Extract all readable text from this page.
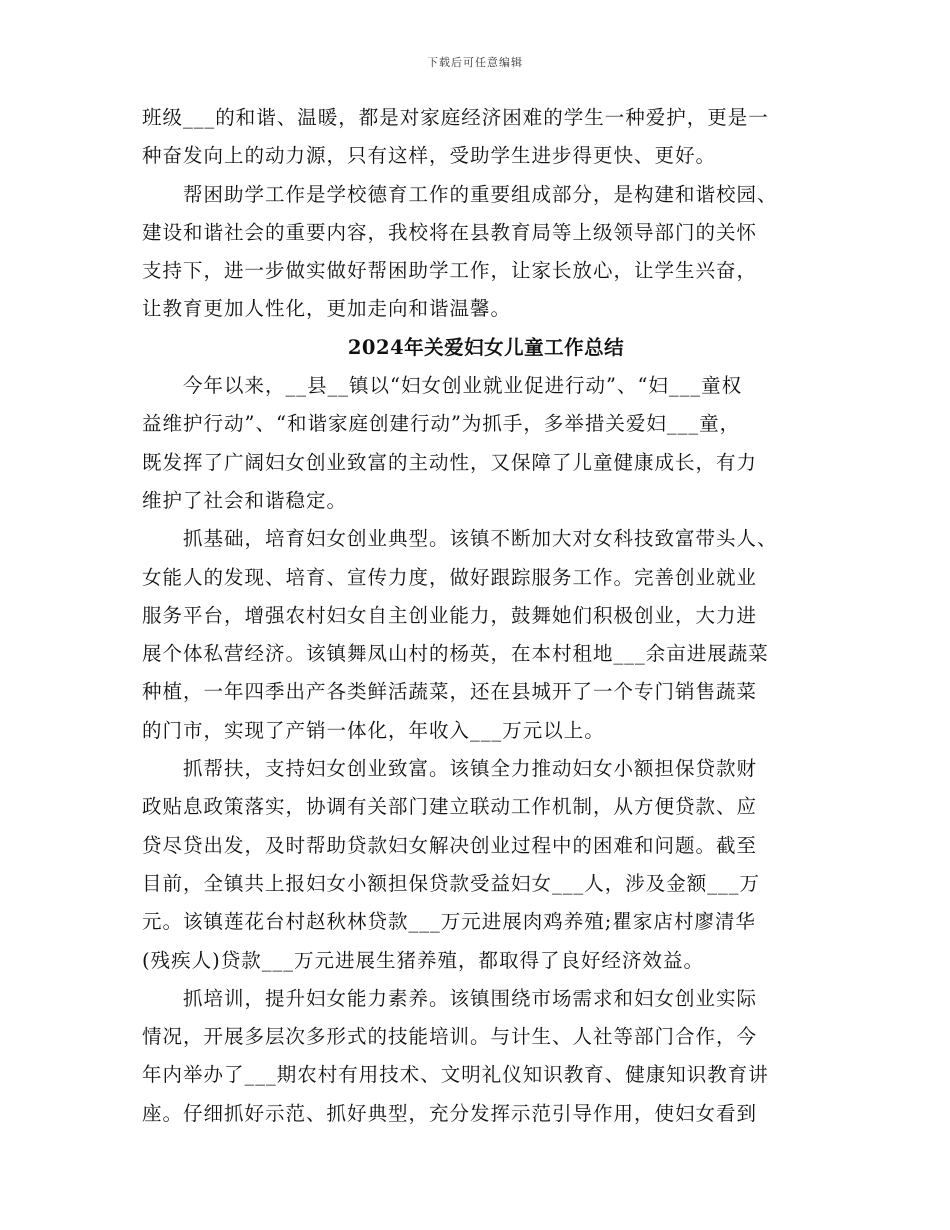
下载后可任意编辑
班级___的和谐、温暖，都是对家庭经济困难的学生一种爱护，更是一
种奋发向上的动力源，只有这样，受助学生进步得更快、更好。
帮困助学工作是学校德育工作的重要组成部分，是构建和谐校园、
建设和谐社会的重要内容，我校将在县教育局等上级领导部门的关怀
支持下，进一步做实做好帮困助学工作，让家长放心，让学生兴奋，
让教育更加人性化，更加走向和谐温馨。
2024年关爱妇女儿童工作总结
今年以来，__县__镇以“妇女创业就业促进行动”、“妇___童权
益维护行动”、“和谐家庭创建行动”为抓手，多举措关爱妇___童，
既发挥了广阔妇女创业致富的主动性，又保障了儿童健康成长，有力
维护了社会和谐稳定。
抓基础，培育妇女创业典型。该镇不断加大对女科技致富带头人、
女能人的发现、培育、宣传力度，做好跟踪服务工作。完善创业就业
服务平台，增强农村妇女自主创业能力，鼓舞她们积极创业，大力进
展个体私营经济。该镇舞凤山村的杨英，在本村租地___余亩进展蔬菜
种植，一年四季出产各类鲜活蔬菜，还在县城开了一个专门销售蔬菜
的门市，实现了产销一体化，年收入___万元以上。
抓帮扶，支持妇女创业致富。该镇全力推动妇女小额担保贷款财
政贴息政策落实，协调有关部门建立联动工作机制，从方便贷款、应
贷尽贷出发，及时帮助贷款妇女解决创业过程中的困难和问题。截至
目前，全镇共上报妇女小额担保贷款受益妇女___人，涉及金额___万
元。该镇莲花台村赵秋林贷款___万元进展肉鸡养殖;瞿家店村廖清华
(残疾人)贷款___万元进展生猪养殖，都取得了良好经济效益。
抓培训，提升妇女能力素养。该镇围绕市场需求和妇女创业实际
情况，开展多层次多形式的技能培训。与计生、人社等部门合作，今
年内举办了___期农村有用技术、文明礼仪知识教育、健康知识教育讲
座。仔细抓好示范、抓好典型，充分发挥示范引导作用，使妇女看到
